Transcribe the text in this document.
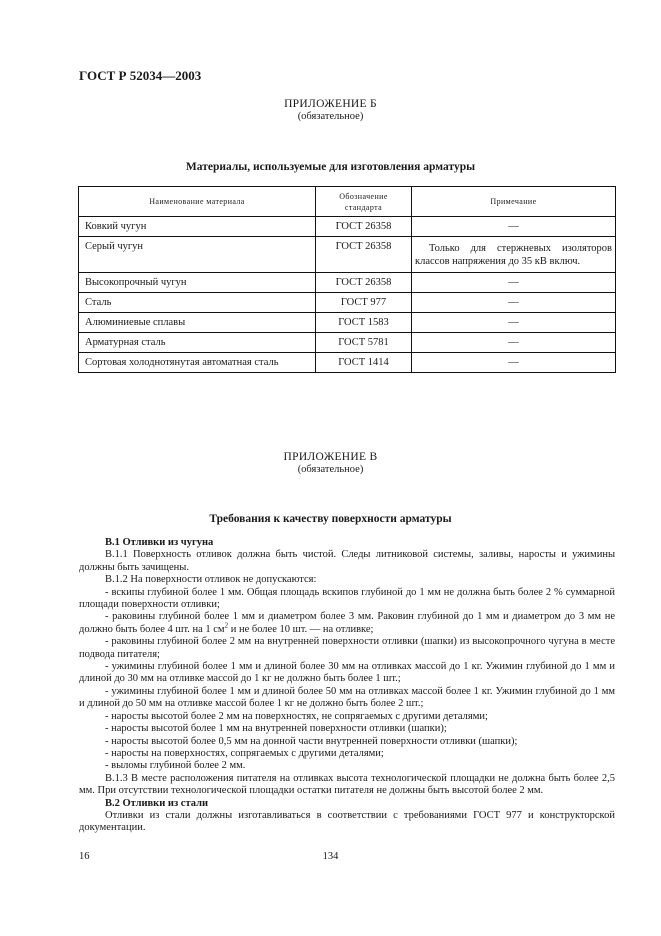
ГОСТ Р 52034—2003
ПРИЛОЖЕНИЕ Б
(обязательное)
Материалы, используемые для изготовления арматуры
Наименование материала	Обозначение стандарта	Примечание
Ковкий чугун	ГОСТ 26358	—
Серый чугун	ГОСТ 26358	Только для стержневых изоляторов классов напряжения до 35 кВ включ.

Высокопрочный чугун	ГОСТ 26358	—
Сталь	ГОСТ 977	—
Алюминиевые сплавы	ГОСТ 1583	—
Арматурная сталь	ГОСТ 5781	—
Сортовая холоднотянутая автоматная сталь	ГОСТ 1414	—
ПРИЛОЖЕНИЕ В
(обязательное)
Требования к качеству поверхности арматуры

В.1 Отливки из чугуна

В.1.1 Поверхность отливок должна быть чистой. Следы литниковой системы, заливы, наросты и ужимины должны быть зачищены.

В.1.2 На поверхности отливок не допускаются:

- вскипы глубиной более 1 мм. Общая площадь вскипов глубиной до 1 мм не должна быть более 2 % суммарной площади поверхности отливки;

- раковины глубиной более 1 мм и диаметром более 3 мм. Раковин глубиной до 1 мм и диаметром до 3 мм не должно быть более 4 шт. на 1 $см^2$ и не более 10 шт. — на отливке;

- раковины глубиной более 2 мм на внутренней поверхности отливки (шапки) из высокопрочного чугуна в месте подвода питателя;

- ужимины глубиной более 1 мм и длиной более 30 мм на отливках массой до 1 кг. Ужимин глубиной до 1 мм и длиной до 30 мм на отливке массой до 1 кг не должно быть более 1 шт.;

- ужимины глубиной более 1 мм и длиной более 50 мм на отливках массой более 1 кг. Ужимин глубиной до 1 мм и длиной до 50 мм на отливке массой более 1 кг не должно быть более 2 шт.;

- наросты высотой более 2 мм на поверхностях, не сопрягаемых с другими деталями;

- наросты высотой более 1 мм на внутренней поверхности отливки (шапки);

- наросты высотой более 0,5 мм на донной части внутренней поверхности отливки (шапки);

- наросты на поверхностях, сопрягаемых с другими деталями;

- выломы глубиной более 2 мм.

В.1.3 В месте расположения питателя на отливках высота технологической площадки не должна быть более 2,5 мм. При отсутствии технологической площадки остатки питателя не должны быть высотой более 2 мм.

В.2 Отливки из стали

Отливки из стали должны изготавливаться в соответствии с требованиями ГОСТ 977 и конструкторской документации.

16	134
